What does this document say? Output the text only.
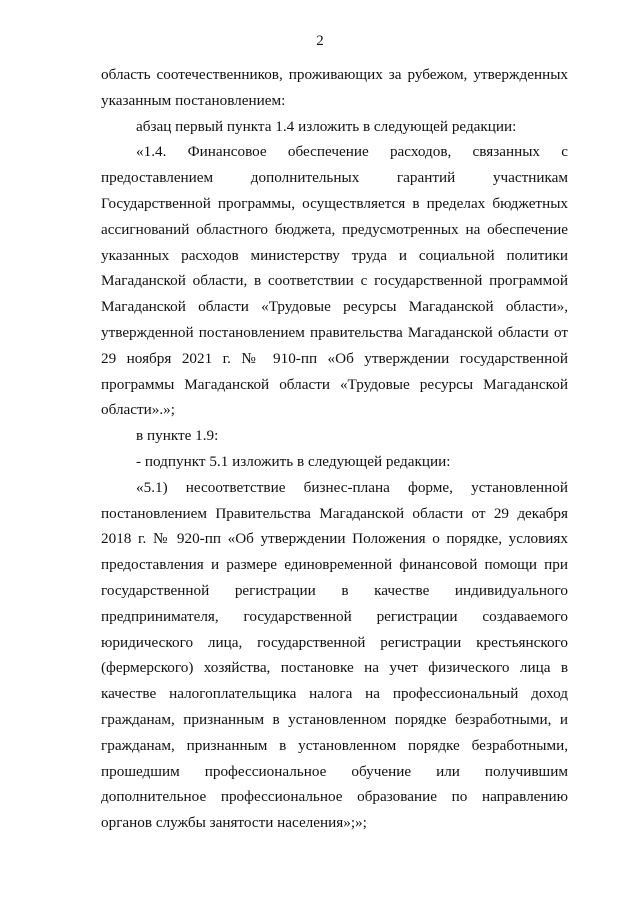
2

область соотечественников, проживающих за рубежом, утвержденных указанным постановлением:

абзац первый пункта 1.4 изложить в следующей редакции:

«1.4. Финансовое обеспечение расходов, связанных с предоставлением дополнительных гарантий участникам Государственной программы, осуществляется в пределах бюджетных ассигнований областного бюджета, предусмотренных на обеспечение указанных расходов министерству труда и социальной политики Магаданской области, в соответствии с государственной программой Магаданской области «Трудовые ресурсы Магаданской области», утвержденной постановлением правительства Магаданской области от 29 ноября 2021 г. № 910-пп «Об утверждении государственной программы Магаданской области «Трудовые ресурсы Магаданской области».»;

в пункте 1.9:

- подпункт 5.1 изложить в следующей редакции:

«5.1) несоответствие бизнес-плана форме, установленной постановлением Правительства Магаданской области от 29 декабря 2018 г. № 920-пп «Об утверждении Положения о порядке, условиях предоставления и размере единовременной финансовой помощи при государственной регистрации в качестве индивидуального предпринимателя, государственной регистрации создаваемого юридического лица, государственной регистрации крестьянского (фермерского) хозяйства, постановке на учет физического лица в качестве налогоплательщика налога на профессиональный доход гражданам, признанным в установленном порядке безработными, и гражданам, признанным в установленном порядке безработными, прошедшим профессиональное обучение или получившим дополнительное профессиональное образование по направлению органов службы занятости населения»;»;
